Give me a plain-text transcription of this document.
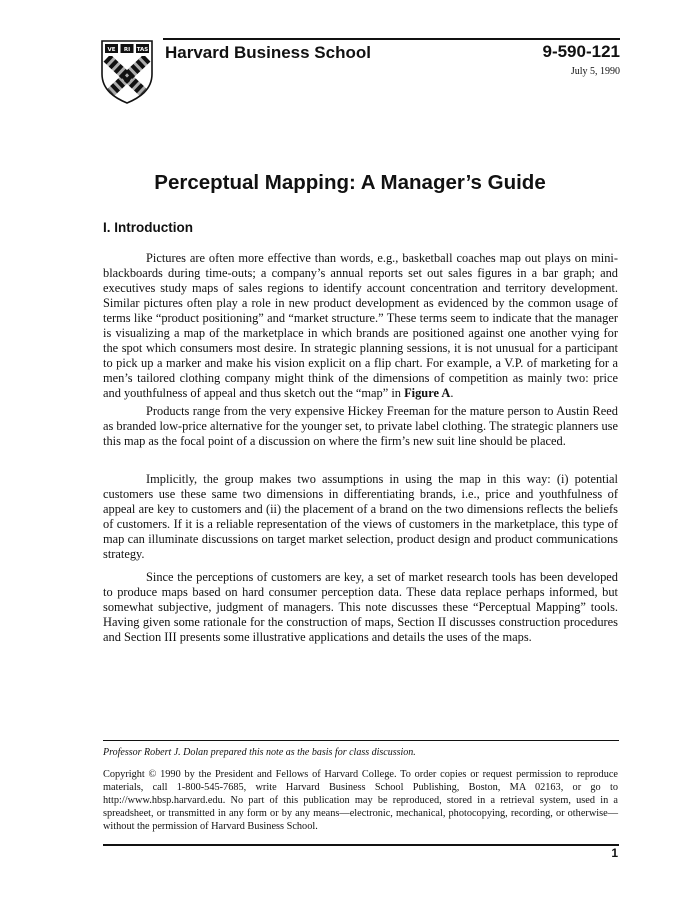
VE RI TAS Harvard Business School	9-590-121
July 5, 1990
Perceptual Mapping: A Manager’s Guide
I. Introduction

Pictures are often more effective than words, e.g., basketball coaches map out plays on mini-blackboards during time-outs; a company’s annual reports set out sales figures in a bar graph; and executives study maps of sales regions to identify account concentration and territory development. Similar pictures often play a role in new product development as evidenced by the common usage of terms like “product positioning” and “market structure.” These terms seem to indicate that the manager is visualizing a map of the marketplace in which brands are positioned against one another vying for the spot which consumers most desire. In strategic planning sessions, it is not unusual for a participant to pick up a marker and make his vision explicit on a flip chart. For example, a V.P. of marketing for a men’s tailored clothing company might think of the dimensions of competition as mainly two: price and youthfulness of appeal and thus sketch out the “map” in Figure A.

Products range from the very expensive Hickey Freeman for the mature person to Austin Reed as branded low-price alternative for the younger set, to private label clothing. The strategic planners use this map as the focal point of a discussion on where the firm’s new suit line should be placed.

Implicitly, the group makes two assumptions in using the map in this way: (i) potential customers use these same two dimensions in differentiating brands, i.e., price and youthfulness of appeal are key to customers and (ii) the placement of a brand on the two dimensions reflects the beliefs of customers. If it is a reliable representation of the views of customers in the marketplace, this type of map can illuminate discussions on target market selection, product design and product communications strategy.

Since the perceptions of customers are key, a set of market research tools has been developed to produce maps based on hard consumer perception data. These data replace perhaps informed, but somewhat subjective, judgment of managers. This note discusses these “Perceptual Mapping” tools. Having given some rationale for the construction of maps, Section II discusses construction procedures and Section III presents some illustrative applications and details the uses of the maps.

Professor Robert J. Dolan prepared this note as the basis for class discussion.

Copyright © 1990 by the President and Fellows of Harvard College. To order copies or request permission to reproduce materials, call 1-800-545-7685, write Harvard Business School Publishing, Boston, MA 02163, or go to http://www.hbsp.harvard.edu. No part of this publication may be reproduced, stored in a retrieval system, used in a spreadsheet, or transmitted in any form or by any means—electronic, mechanical, photocopying, recording, or otherwise—without the permission of Harvard Business School.

1
